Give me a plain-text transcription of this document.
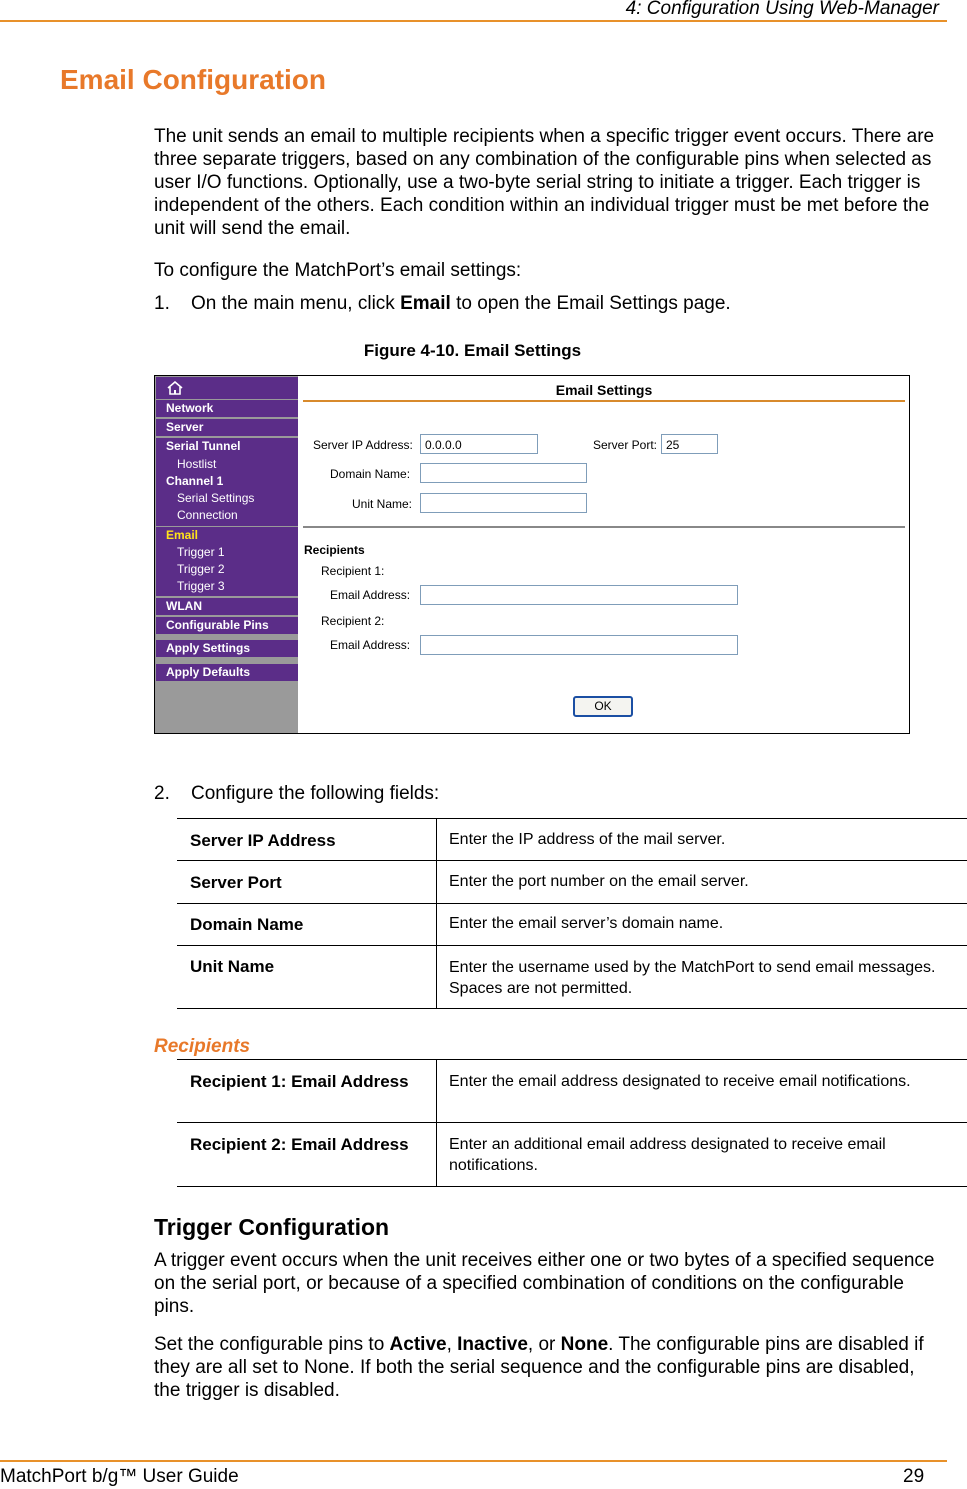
4: Configuration Using Web-Manager
Email Configuration

The unit sends an email to multiple recipients when a specific trigger event occurs. There are three separate triggers, based on any combination of the configurable pins when selected as user I/O functions. Optionally, use a two-byte serial string to initiate a trigger. Each trigger is independent of the others. Each condition within an individual trigger must be met before the unit will send the email.

To configure the MatchPort’s email settings:

1. On the main menu, click Email to open the Email Settings page.
Figure 4-10. Email Settings
Network
Server
Serial Tunnel
Hostlist
Channel 1
Serial Settings
Connection
Email
Trigger 1
Trigger 2
Trigger 3
WLAN
Configurable Pins
Apply Settings
Apply Defaults
Email Settings
Server IP Address:	0.0.0.0	Server Port: 25
Domain Name:
Unit Name:
Recipients
Recipient 1:
Email Address:
Recipient 2:
Email Address:
OK
2. Configure the following fields:
Server IP Address	Enter the IP address of the mail server.
Server Port	Enter the port number on the email server.
Domain Name	Enter the email server’s domain name.
Unit Name	Enter the username used by the MatchPort to send email messages. Spaces are not permitted.
Recipients
Recipient 1: Email Address	Enter the email address designated to receive email notifications.
Recipient 2: Email Address	Enter an additional email address designated to receive email notifications.
Trigger Configuration

A trigger event occurs when the unit receives either one or two bytes of a specified sequence on the serial port, or because of a specified combination of conditions on the configurable pins.

Set the configurable pins to Active, Inactive, or None. The configurable pins are disabled if they are all set to None. If both the serial sequence and the configurable pins are disabled, the trigger is disabled.

MatchPort b/g™ User Guide	29
